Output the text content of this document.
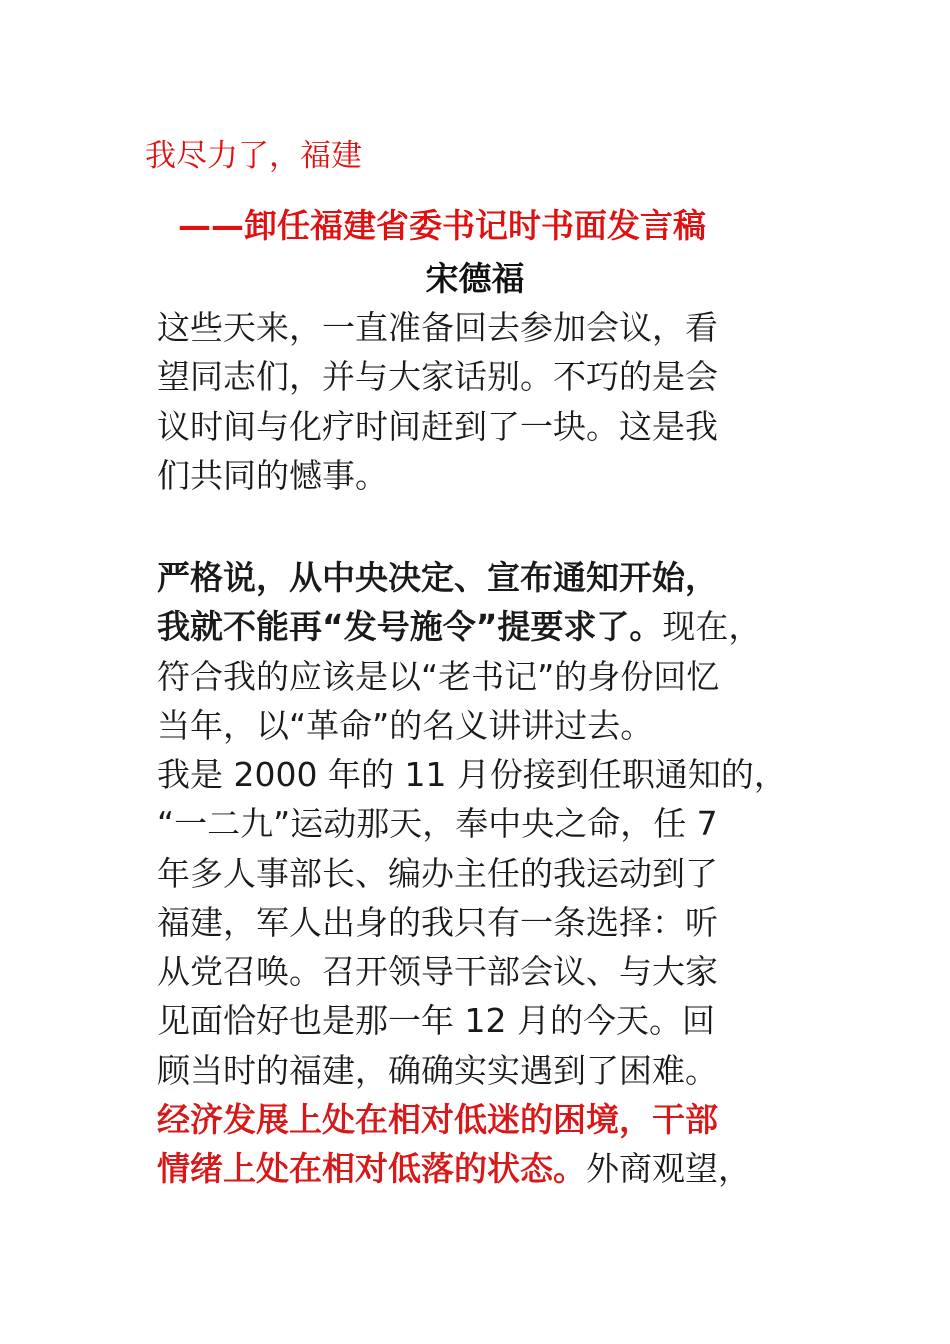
我尽力了，福建
——卸任福建省委书记时书面发言稿
宋德福

这些天来，一直准备回去参加会议，看
望同志们，并与大家话别。不巧的是会
议时间与化疗时间赶到了一块。这是我
们共同的憾事。

严格说，从中央决定、宣布通知开始，
我就不能再“发号施令”提要求了。现在，
符合我的应该是以“老书记”的身份回忆
当年，以“革命”的名义讲讲过去。

我是 2000 年的 11 月份接到任职通知的，
“一二九”运动那天，奉中央之命，任 7
年多人事部长、编办主任的我运动到了
福建，军人出身的我只有一条选择：听
从党召唤。召开领导干部会议、与大家
见面恰好也是那一年 12 月的今天。回
顾当时的福建，确确实实遇到了困难。
经济发展上处在相对低迷的困境，干部
情绪上处在相对低落的状态。外商观望，
